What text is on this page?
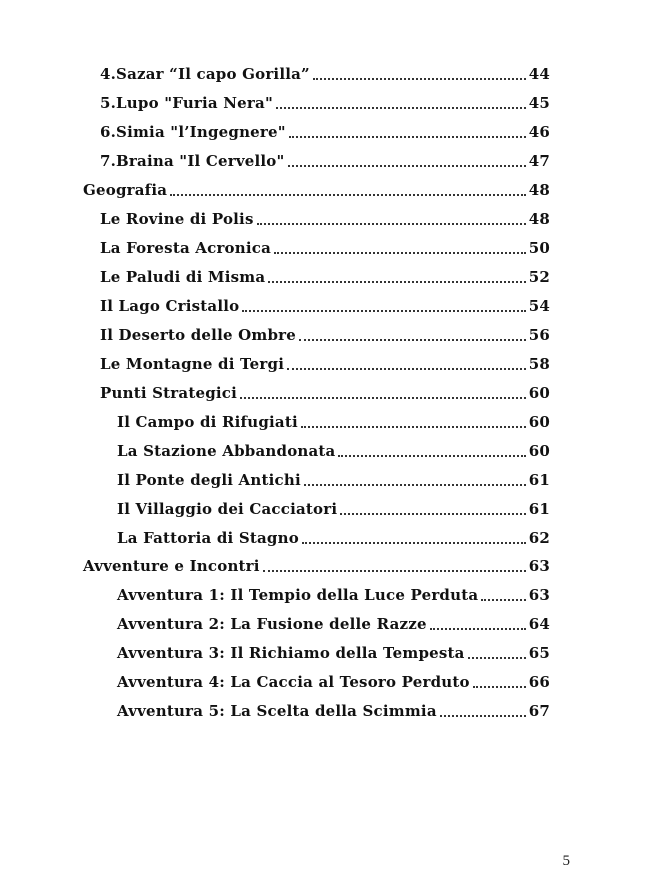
4.Sazar “Il capo Gorilla”	44
5.Lupo "Furia Nera"	45
6.Simia "l’Ingegnere"	46
7.Braina "Il Cervello"	47
Geografia	48
Le Rovine di Polis	48
La Foresta Acronica	50
Le Paludi di Misma	52
Il Lago Cristallo	54
Il Deserto delle Ombre	56
Le Montagne di Tergi	58
Punti Strategici	60
Il Campo di Rifugiati	60
La Stazione Abbandonata	60
Il Ponte degli Antichi	61
Il Villaggio dei Cacciatori	61
La Fattoria di Stagno	62
Avventure e Incontri	63
Avventura 1: Il Tempio della Luce Perduta	63
Avventura 2: La Fusione delle Razze	64
Avventura 3: Il Richiamo della Tempesta	65
Avventura 4: La Caccia al Tesoro Perduto	66
Avventura 5: La Scelta della Scimmia	67
5
